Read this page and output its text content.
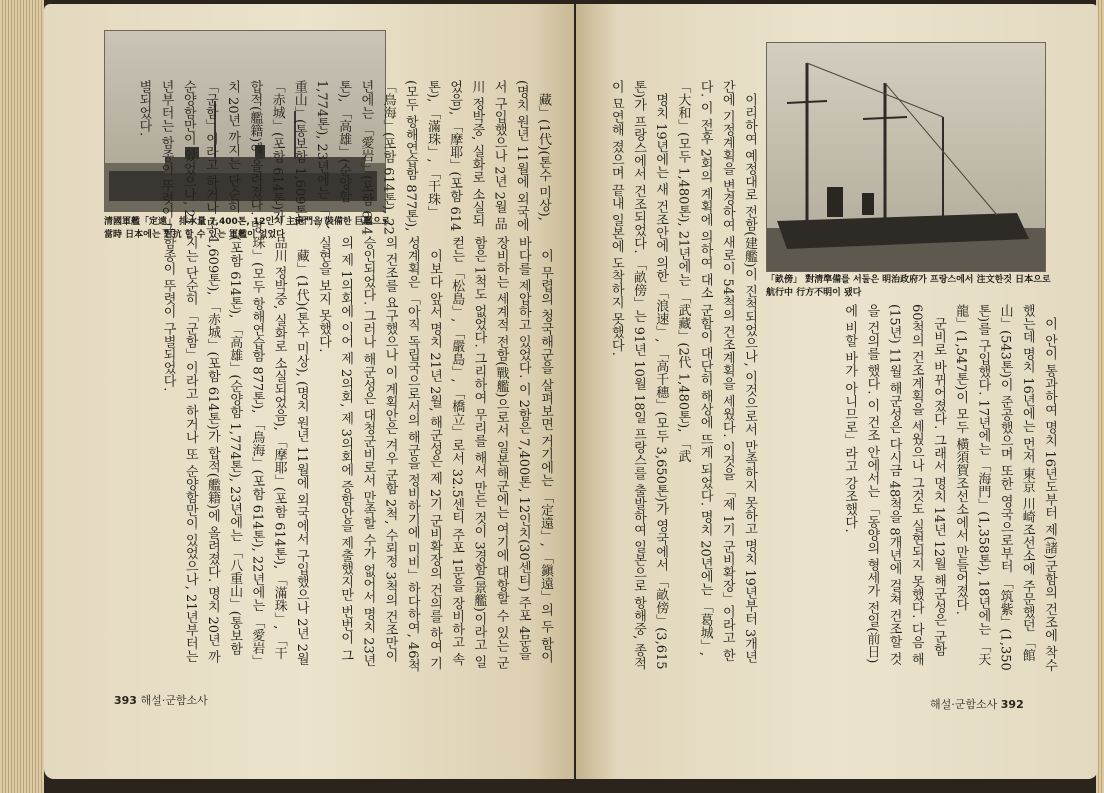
清國軍艦「定遠」 排水量 7,400톤, 12인치 主砲門을 裝備한 巨艦으로 當時 日本에는 對抗 할 수 있는 軍艦이 없었다

이 무렵의 청국해군을 살펴보면 거기에는 「定遠」, 「鎭遠」의 두 함이 바다를 제압하고 있었다. 이 2함은 7,400톤, 12인치(30센티) 주포 4문을 장비하는 세계적 전함(戰艦)으로서 일본해군에는 여기에 대항할 수 있는 군함은 1척도 없었다. 그리하여 무리를 해서 만든 것이 3경함(景艦)이라고 일컫는 「松島」, 「嚴島」, 「橋立」로서 32.5센티 주포 1문을 장비하고 속

이보다 앞서 명치 21년 2월, 해군성은 제 2기 군비확장의 건의를 하여 기성계획은 「아직 독립국으로서의 해군을 정비하기에 미비」하다하여, 46척의 건조를 요구했으나 이 계획안은 겨우 군함 2척, 수뢰정 3척의 건조만이 승인되었다. 그러나 해군성은 대청군비로서 만족할 수가 없어서 명치 23년의 제 1의회에 이어 제 2의회, 제 3의회에 증함안을 제출했지만 번번이 그 실현을 보지 못했다.

藏」(1代)(톤수 미상), (명치 원년 11월에 외국에서 구입했으나 2년 2월 品川 정박중, 실화로 소실되었음), 「摩耶」(포함 614톤), 「滿珠」, 「干珠」(모두 항해연습함 877톤), 「鳥海」(포함 614톤), 22년에는 「愛岩」(포함 614톤), 「高雄」(순양함 1,774톤), 23년에는 「八重山」(통보함 1,609톤), 「赤城」(포함 614톤)가 합적(艦籍)에 올려졌다. 명치 20년 까지는 단순히 「군함」이라고 하거나 또 순양함만이 있었으나, 21년부터는 함종이 뚜렷이 구별되었다.

藏」(1代)(톤수 미상), (명치 원년 11월에 외국에서 구입했으나 2년 2월 品川 정박중, 실화로 소실되었음), 「摩耶」(포함 614톤), 「滿珠」, 「干珠」(모두 항해연습함 877톤), 「鳥海」(포함 614톤), 22년에는 「愛岩」(포함 614톤), 「高雄」(순양함 1,774톤), 23년에는 「八重山」(통보함 1,609톤), 「赤城」(포함 614톤)가 합적(艦籍)에 올려졌다. 명치 20년 까지는 단순히 「군함」이라고 하거나 또 순양함만이 있었으나, 21년부터는 함종이 뚜렷이 구별되었다.

393 해설·군함소사
「畝傍」 對淸準備를 서둘은 明治政府가 프랑스에서 注文한것 日本으로 航行中 行方不明이 됐다

이리하여 예정대로 전함(建艦)이 진척되었으나, 이것으로서 만족하지 못하고 명치 19년부터 3개년 간에 기정계획을 변경하여 새로이 54척의 건조계획을 세웠다. 이것을 「제 1기 군비확장」이라고 한다. 이 전후 2회의 계획에 의하여 대소 군함이 대단히 해상에 뜨게 되었다. 명치 20년에는 「葛城」, 「大和」(모두 1,480톤), 21년에는 「武藏」(2代 1,480톤), 「武

명치 19년에는 새 건조안에 의한 「浪速」, 「高千穗」(모두 3,650톤)가 영국에서 「畝傍」(3,615톤)가 프랑스에서 건조되었다. 「畝傍」는 91년 10월 18일 프랑스를 출발하여 일본으로 항해중, 종적이 묘연해 졌으며 끝내 일본에 도착하지 못했다.

이 안이 통과하여 명치 16년도부터 제(諸)군함의 건조에 착수했는데 명치 16년에는 먼저 東京 川崎조선소에 주문했던 「館山」(543톤)이 준공했으며 또한 영국으로부터 「筑紫」(1,350톤)를 구입했다. 17년에는 「海門」(1,358톤), 18년에는 「天龍」(1,547톤)이 모두 橫須賀조선소에서 만들어졌다.

군비로 바뀌어졌다. 그래서 명치 14년 12월 해군성은 군함 60척의 건조계획을 세웠으나 그것도 실현되지 못했다. 다음 해(15년) 11월 해군성은 다시금 48척을 8개년에 걸쳐 건조할 것을 건의를 했다. 이 건조 안에서는 「동양의 형세가 전일(前日)에 비할 바가 아니므로」라고 강조했다.

해설·군함소사 392
